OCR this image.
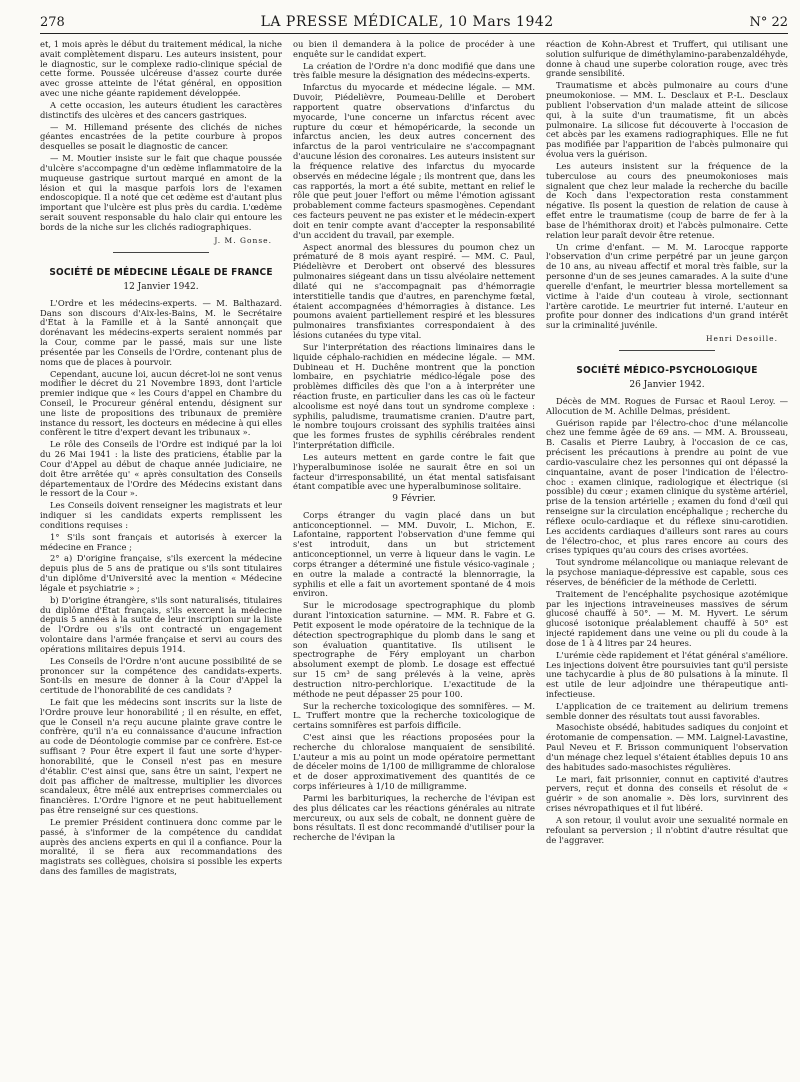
278	LA PRESSE MÉDICALE, 10 Mars 1942	N° 22

et, 1 mois après le début du traitement médical, la niche avait complètement disparu. Les auteurs insistent, pour le diagnostic, sur le complexe radio-clinique spécial de cette forme. Poussée ulcéreuse d'assez courte durée avec grosse atteinte de l'état général, en opposition avec une niche géante rapidement développée.

A cette occasion, les auteurs étudient les caractères distinctifs des ulcères et des cancers gastriques.

— M. Hillemand présente des clichés de niches géantes encastrées de la petite courbure à propos desquelles se posait le diagnostic de cancer.

— M. Moutier insiste sur le fait que chaque poussée d'ulcère s'accompagne d'un œdème inflammatoire de la muqueuse gastrique surtout marqué en amont de la lésion et qui la masque parfois lors de l'examen endoscopique. Il a noté que cet œdème est d'autant plus important que l'ulcère est plus près du cardia. L'œdème serait souvent responsable du halo clair qui entoure les bords de la niche sur les clichés radiographiques.

J. M. Gonse.
SOCIÉTÉ DE MÉDECINE LÉGALE DE FRANCE
12 Janvier 1942.

L'Ordre et les médecins-experts. — M. Balthazard. Dans son discours d'Aix-les-Bains, M. le Secrétaire d'État à la Famille et à la Santé annonçait que dorénavant les médecins-experts seraient nommés par la Cour, comme par le passé, mais sur une liste présentée par les Conseils de l'Ordre, contenant plus de noms que de places à pourvoir.

Cependant, aucune loi, aucun décret-loi ne sont venus modifier le décret du 21 Novembre 1893, dont l'article premier indique que « les Cours d'appel en Chambre du Conseil, le Procureur général entendu, désignent sur une liste de propositions des tribunaux de première instance du ressort, les docteurs en médecine à qui elles confèrent le titre d'expert devant les tribunaux ».

Le rôle des Conseils de l'Ordre est indiqué par la loi du 26 Mai 1941 : la liste des praticiens, établie par la Cour d'Appel au début de chaque année judiciaire, ne doit être arrêtée qu' « après consultation des Conseils départementaux de l'Ordre des Médecins existant dans le ressort de la Cour ».

Les Conseils doivent renseigner les magistrats et leur indiquer si les candidats experts remplissent les conditions requises :

1° S'ils sont français et autorisés à exercer la médecine en France ;

2° a) D'origine française, s'ils exercent la médecine depuis plus de 5 ans de pratique ou s'ils sont titulaires d'un diplôme d'Université avec la mention « Médecine légale et psychiatrie » ;

b) D'origine étrangère, s'ils sont naturalisés, titulaires du diplôme d'État français, s'ils exercent la médecine depuis 5 années à la suite de leur inscription sur la liste de l'Ordre ou s'ils ont contracté un engagement volontaire dans l'armée française et servi au cours des opérations militaires depuis 1914.

Les Conseils de l'Ordre n'ont aucune possibilité de se prononcer sur la compétence des candidats-experts. Sont-ils en mesure de donner à la Cour d'Appel la certitude de l'honorabilité de ces candidats ?

Le fait que les médecins sont inscrits sur la liste de l'Ordre prouve leur honorabilité ; il en résulte, en effet, que le Conseil n'a reçu aucune plainte grave contre le confrère, qu'il n'a eu connaissance d'aucune infraction au code de Déontologie commise par ce confrère. Est-ce suffisant ? Pour être expert il faut une sorte d'hyper-honorabilité, que le Conseil n'est pas en mesure d'établir. C'est ainsi que, sans être un saint, l'expert ne doit pas afficher de maîtresse, multiplier les divorces scandaleux, être mêlé aux entreprises commerciales ou financières. L'Ordre l'ignore et ne peut habituellement pas être renseigné sur ces questions.

Le premier Président continuera donc comme par le passé, à s'informer de la compétence du candidat auprès des anciens experts en qui il a confiance. Pour la moralité, il se fiera aux recommandations des magistrats ses collègues, choisira si possible les experts dans des familles de magistrats,

ou bien il demandera à la police de procéder à une enquête sur le candidat expert.

La création de l'Ordre n'a donc modifié que dans une très faible mesure la désignation des médecins-experts.

Infarctus du myocarde et médecine légale. — MM. Duvoir, Piédelièvre, Poumeau-Delille et Derobert rapportent quatre observations d'infarctus du myocarde, l'une concerne un infarctus récent avec rupture du cœur et hémopéricarde, la seconde un infarctus ancien, les deux autres concernent des infarctus de la paroi ventriculaire ne s'accompagnant d'aucune lésion des coronaires. Les auteurs insistent sur la fréquence relative des infarctus du myocarde observés en médecine légale ; ils montrent que, dans les cas rapportés, la mort a été subite, mettant en relief le rôle que peut jouer l'effort ou même l'émotion agissant probablement comme facteurs spasmogènes. Cependant ces facteurs peuvent ne pas exister et le médecin-expert doit en tenir compte avant d'accepter la responsabilité d'un accident du travail, par exemple.

Aspect anormal des blessures du poumon chez un prématuré de 8 mois ayant respiré. — MM. C. Paul, Piédelièvre et Derobert ont observé des blessures pulmonaires siégeant dans un tissu alvéolaire nettement dilaté qui ne s'accompagnait pas d'hémorragie interstitielle tandis que d'autres, en parenchyme fœtal, étaient accompagnées d'hémorragies à distance. Les poumons avaient partiellement respiré et les blessures pulmonaires transfixiantes correspondaient à des lésions cutanées du type vital.

Sur l'interprétation des réactions liminaires dans le liquide céphalo-rachidien en médecine légale. — MM. Dubineau et H. Duchêne montrent que la ponction lombaire, en psychiatrie médico-légale pose des problèmes difficiles dès que l'on a à interpréter une réaction fruste, en particulier dans les cas où le facteur alcoolisme est noyé dans tout un syndrome complexe : syphilis, paludisme, traumatisme cranien. D'autre part, le nombre toujours croissant des syphilis traitées ainsi que les formes frustes de syphilis cérébrales rendent l'interprétation difficile.

Les auteurs mettent en garde contre le fait que l'hyperalbuminose isolée ne saurait être en soi un facteur d'irresponsabilité, un état mental satisfaisant étant compatible avec une hyperalbuminose solitaire.

9 Février.

Corps étranger du vagin placé dans un but anticonceptionnel. — MM. Duvoir, L. Michon, E. Lafontaine, rapportent l'observation d'une femme qui s'est introduit, dans un but strictement anticonceptionnel, un verre à liqueur dans le vagin. Le corps étranger a déterminé une fistule vésico-vaginale ; en outre la malade a contracté la blennorragie, la syphilis et elle a fait un avortement spontané de 4 mois environ.

Sur le microdosage spectrographique du plomb durant l'intoxication saturnine. — MM. R. Fabre et G. Petit exposent le mode opératoire de la technique de la détection spectrographique du plomb dans le sang et son évaluation quantitative. Ils utilisent le spectrographe de Féry employant un charbon absolument exempt de plomb. Le dosage est effectué sur 15 cm³ de sang prélevés à la veine, après destruction nitro-perchlorique. L'exactitude de la méthode ne peut dépasser 25 pour 100.

Sur la recherche toxicologique des somnifères. — M. L. Truffert montre que la recherche toxicologique de certains somnifères est parfois difficile.

C'est ainsi que les réactions proposées pour la recherche du chloralose manquaient de sensibilité. L'auteur a mis au point un mode opératoire permettant de déceler moins de 1/100 de milligramme de chloralose et de doser approximativement des quantités de ce corps inférieures à 1/10 de milligramme.

Parmi les barbituriques, la recherche de l'évipan est des plus délicates car les réactions générales au nitrate mercureux, ou aux sels de cobalt, ne donnent guère de bons résultats. Il est donc recommandé d'utiliser pour la recherche de l'évipan la

réaction de Kohn-Abrest et Truffert, qui utilisant une solution sulfurique de diméthylamino-parabenzaldéhyde, donne à chaud une superbe coloration rouge, avec très grande sensibilité.

Traumatisme et abcès pulmonaire au cours d'une pneumokoniose. — MM. L. Desclaux et P.-L. Desclaux publient l'observation d'un malade atteint de silicose qui, à la suite d'un traumatisme, fit un abcès pulmonaire. La silicose fut découverte à l'occasion de cet abcès par les examens radiographiques. Elle ne fut pas modifiée par l'apparition de l'abcès pulmonaire qui évolua vers la guérison.

Les auteurs insistent sur la fréquence de la tuberculose au cours des pneumokonioses mais signalent que chez leur malade la recherche du bacille de Koch dans l'expectoration resta constamment négative. Ils posent la question de relation de cause à effet entre le traumatisme (coup de barre de fer à la base de l'hémithorax droit) et l'abcès pulmonaire. Cette relation leur paraît devoir être retenue.

Un crime d'enfant. — M. M. Larocque rapporte l'observation d'un crime perpétré par un jeune garçon de 10 ans, au niveau affectif et moral très faible, sur la personne d'un de ses jeunes camarades. A la suite d'une querelle d'enfant, le meurtrier blessa mortellement sa victime à l'aide d'un couteau à virole, sectionnant l'artère carotide. Le meurtrier fut interné. L'auteur en profite pour donner des indications d'un grand intérêt sur la criminalité juvénile.

Henri Desoille.
SOCIÉTÉ MÉDICO-PSYCHOLOGIQUE
26 Janvier 1942.

Décès de MM. Rogues de Fursac et Raoul Leroy. — Allocution de M. Achille Delmas, président.

Guérison rapide par l'électro-choc d'une mélancolie chez une femme âgée de 69 ans. — MM. A. Brousseau, B. Casalis et Pierre Laubry, à l'occasion de ce cas, précisent les précautions à prendre au point de vue cardio-vasculaire chez les personnes qui ont dépassé la cinquantaine, avant de poser l'indication de l'électro-choc : examen clinique, radiologique et électrique (si possible) du cœur ; examen clinique du système artériel, prise de la tension artérielle ; examen du fond d'œil qui renseigne sur la circulation encéphalique ; recherche du réflexe oculo-cardiaque et du réflexe sinu-carotidien. Les accidents cardiaques d'ailleurs sont rares au cours de l'électro-choc, et plus rares encore au cours des crises typiques qu'au cours des crises avortées.

Tout syndrome mélancolique ou maniaque relevant de la psychose maniaque-dépressive est capable, sous ces réserves, de bénéficier de la méthode de Cerletti.

Traitement de l'encéphalite psychosique azotémique par les injections intraveineuses massives de sérum glucosé chauffé à 50°. — M. M. Hyvert. Le sérum glucosé isotonique préalablement chauffé à 50° est injecté rapidement dans une veine ou pli du coude à la dose de 1 à 4 litres par 24 heures.

L'urémie cède rapidement et l'état général s'améliore. Les injections doivent être poursuivies tant qu'il persiste une tachycardie à plus de 80 pulsations à la minute. Il est utile de leur adjoindre une thérapeutique anti-infectieuse.

L'application de ce traitement au delirium tremens semble donner des résultats tout aussi favorables.

Masochiste obsédé, habitudes sadiques du conjoint et érotomanie de compensation. — MM. Laignel-Lavastine, Paul Neveu et F. Brisson communiquent l'observation d'un ménage chez lequel s'étaient établies depuis 10 ans des habitudes sado-masochistes régulières.

Le mari, fait prisonnier, connut en captivité d'autres pervers, reçut et donna des conseils et résolut de « guérir » de son anomalie ». Dès lors, survinrent des crises névropathiques et il fut libéré.

A son retour, il voulut avoir une sexualité normale en refoulant sa perversion ; il n'obtint d'autre résultat que de l'aggraver.
